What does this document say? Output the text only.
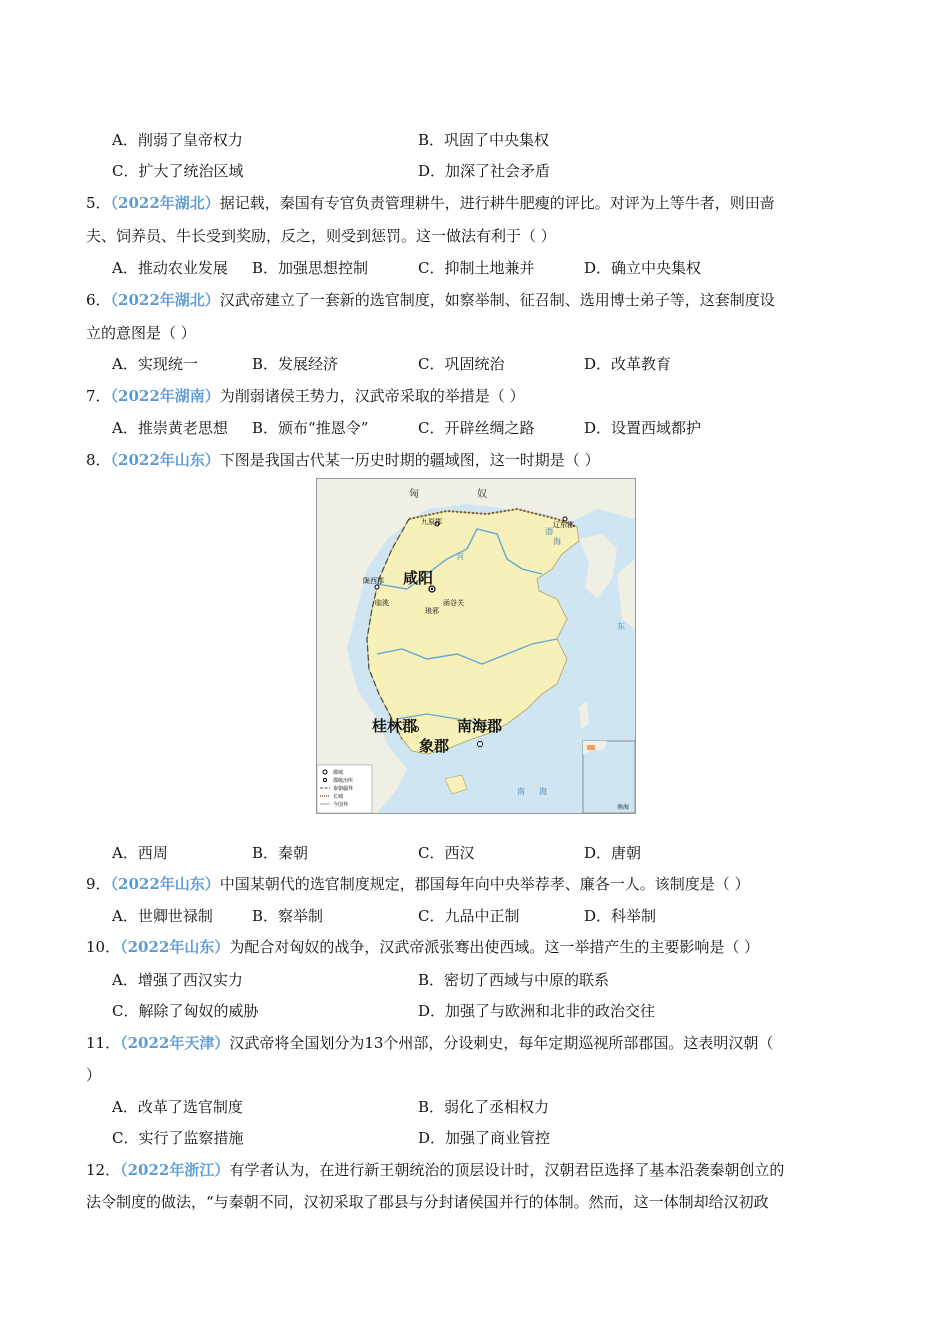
A．削弱了皇帝权力	B．巩固了中央集权
C．扩大了统治区域	D．加深了社会矛盾
5．（2022年湖北）据记载，秦国有专官负责管理耕牛，进行耕牛肥瘦的评比。对评为上等牛者，则田啬
夫、饲养员、牛长受到奖励，反之，则受到惩罚。这一做法有利于（ ）
A．推动农业发展 B．加强思想控制	C．抑制土地兼并	D．确立中央集权
6．（2022年湖北）汉武帝建立了一套新的选官制度，如察举制、征召制、选用博士弟子等，这套制度设
立的意图是（ ）
A．实现统一	B．发展经济	C．巩固统治	D．改革教育
7．（2022年湖南）为削弱诸侯王势力，汉武帝采取的举措是（ ）
A．推崇黄老思想 B．颁布“推恩令”	C．开辟丝绸之路	D．设置西域都护
8．（2022年山东）下图是我国古代某一历史时期的疆域图，这一时期是（ ）
匈	奴
九原郡	辽东郡
陇西郡
临洮	函谷关
琅邪
咸阳
桂林郡	南海郡
象郡
河
渤
海
东
南 海
都城
郡级治所
秦朝疆界
长城
今国界	南海
A．西周	B．秦朝	C．西汉	D．唐朝
9．（2022年山东）中国某朝代的选官制度规定，郡国每年向中央举荐孝、廉各一人。该制度是（ ）
A．世卿世禄制	B．察举制	C．九品中正制	D．科举制
10．（2022年山东）为配合对匈奴的战争，汉武帝派张骞出使西域。这一举措产生的主要影响是（ ）
A．增强了西汉实力	B．密切了西域与中原的联系
C．解除了匈奴的威胁	D．加强了与欧洲和北非的政治交往
11．（2022年天津）汉武帝将全国划分为13个州部，分设刺史，每年定期巡视所部郡国。这表明汉朝（
）
A．改革了选官制度	B．弱化了丞相权力
C．实行了监察措施	D．加强了商业管控
12．（2022年浙江）有学者认为，在进行新王朝统治的顶层设计时，汉朝君臣选择了基本沿袭秦朝创立的
法令制度的做法，“与秦朝不同，汉初采取了郡县与分封诸侯国并行的体制。然而，这一体制却给汉初政
